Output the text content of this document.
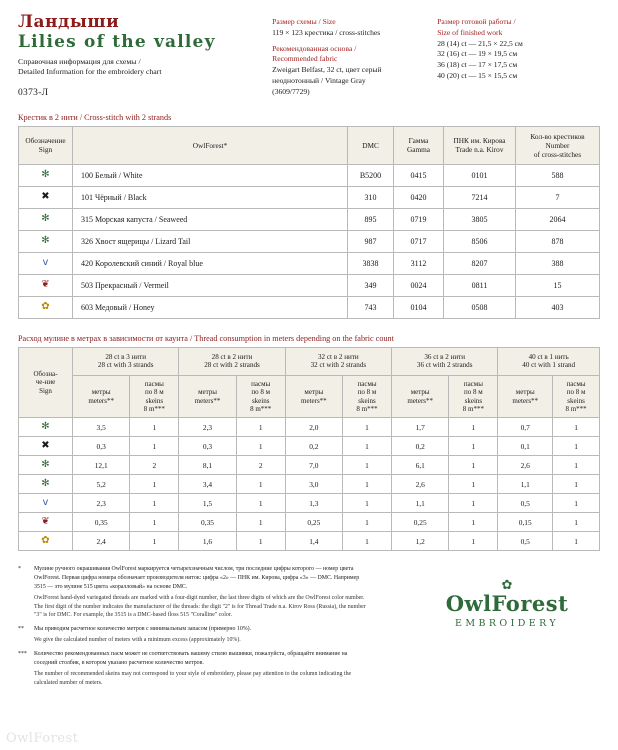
Ландыши
Lilies of the valley
Справочная информация для схемы /
Detailed Information for the embroidery chart
0373-Л
Размер схемы / Size
119 × 123 крестика / cross-stitches
Рекомендованная основа /
Recommended fabric
Zweigart Belfast, 32 ct, цвет серый
неоднотонный / Vintage Gray
(3609/7729)
Размер готовой работы /
Size of finished work
28 (14) ct — 21,5 × 22,5 см
32 (16) ct — 19 × 19,5 см
36 (18) ct — 17 × 17,5 см
40 (20) ct — 15 × 15,5 см
Крестик в 2 нити / Cross-stitch with 2 strands
Обозначение
Sign
	OwlForest*	DMC	
Гамма
Gamma

ПНК им. Кирова
Trade n.a. Kirov

Кол-во крестиков Number
of cross-stitches

✻	100 Белый / White	B5200	0415	0101	588
✖	101 Чёрный / Black	310	0420	7214	7
✻	315 Морская капуста / Seaweed	895	0719	3805	2064
✻	326 Хвост ящерицы / Lizard Tail	987	0717	8506	878
ⅴ	420 Королевский синий / Royal blue	3838	3112	8207	388
❦	503 Прекрасный / Vermeil	349	0024	0811	15
✿	603 Медовый / Honey	743	0104	0508	403
Расход мулине в метрах в зависимости от каунта / Thread consumption in meters depending on the fabric count
Обозна-
че-ние
Sign

28 ct в 3 нити
28 ct with 3 strands

28 ct в 2 нити
28 ct with 2 strands

32 ct в 2 нити
32 ct with 2 strands

36 ct в 2 нити
36 ct with 2 strands

40 ct в 1 нить
40 ct with 1 strand

метры
meters**

пасмы
по 8 м
skeins
8 m***

метры
meters**

пасмы
по 8 м
skeins
8 m***

метры
meters**

пасмы
по 8 м
skeins
8 m***

метры
meters**

пасмы
по 8 м
skeins
8 m***

метры
meters**

пасмы
по 8 м
skeins
8 m***

✻	3,5	1	2,3	1	2,0	1	1,7	1	0,7	1
✖	0,3	1	0,3	1	0,2	1	0,2	1	0,1	1
✻	12,1	2	8,1	2	7,0	1	6,1	1	2,6	1
✻	5,2	1	3,4	1	3,0	1	2,6	1	1,1	1
ⅴ	2,3	1	1,5	1	1,3	1	1,1	1	0,5	1
❦	0,35	1	0,35	1	0,25	1	0,25	1	0,15	1
✿	2,4	1	1,6	1	1,4	1	1,2	1	0,5	1
*	Мулине ручного окрашивания OwlForest маркируется четырехзначным числом, три последние цифры которого — номер цвета OwlForest. Первая цифра номера обозначает производителя ниток: цифра «2» — ПНК им. Кирова, цифра «3» — DMC. Например 3515 — это мулине 515 цвета «коралловый» на основе DMC.
OwlForest hand-dyed variegated threads are marked with a four-digit number, the last three digits of which are the OwlForest color number. The first digit of the number indicates the manufacturer of the threads: the digit "2" is for Thread Trade n.a. Kirov Ross (Russia), the number "3" is for DMC. For example, the 3515 is a DMC-based floss 515 "Coralline" color.
**	Мы приводим расчетное количество метров с минимальным запасом (примерно 10%).
We give the calculated number of meters with a minimum excess (approximately 10%).
*** Количество рекомендованных пасм может не соответствовать вашему стилю вышивки, пожалуйста, обращайте внимание на соседний столбик, в котором указано расчетное количество метров.
The number of recommended skeins may not correspond to your style of embroidery, please pay attention to the column indicating the calculated number of meters.
✿
OwlForest
EMBROIDERY
OwlForest
